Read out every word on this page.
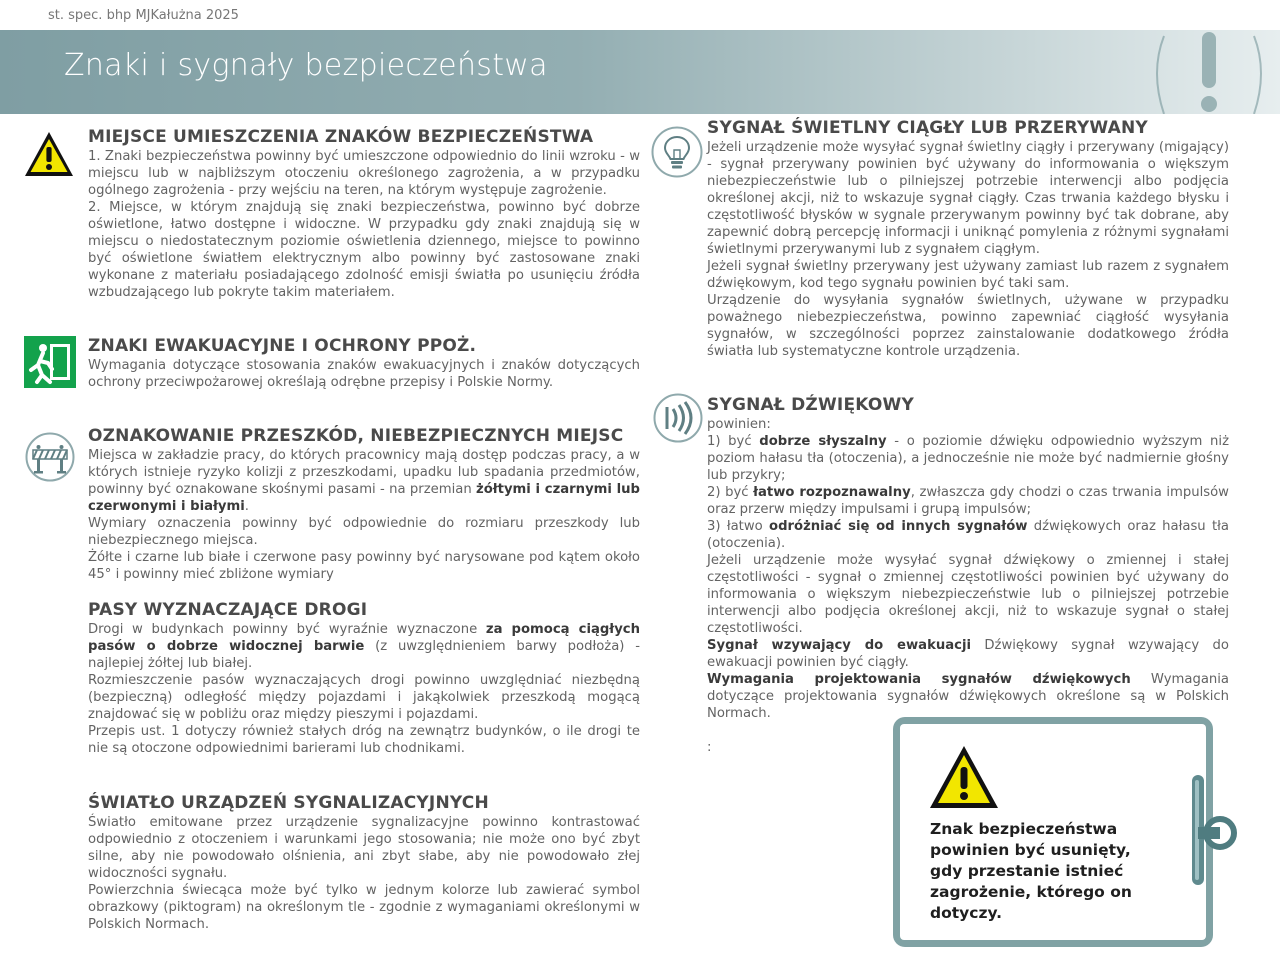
st. spec. bhp MJKałużna 2025
Znaki i sygnały bezpieczeństwa
MIEJSCE UMIESZCZENIA ZNAKÓW BEZPIECZEŃSTWA

1. Znaki bezpieczeństwa powinny być umieszczone odpowiednio do linii wzroku - w miejscu lub w najbliższym otoczeniu określonego zagrożenia, a w przypadku ogólnego zagrożenia - przy wejściu na teren, na którym występuje zagrożenie.

2. Miejsce, w którym znajdują się znaki bezpieczeństwa, powinno być dobrze oświetlone, łatwo dostępne i widoczne. W przypadku gdy znaki znajdują się w miejscu o niedostatecznym poziomie oświetlenia dziennego, miejsce to powinno być oświetlone światłem elektrycznym albo powinny być zastosowane znaki wykonane z materiału posiadającego zdolność emisji światła po usunięciu źródła wzbudzającego lub pokryte takim materiałem.

ZNAKI EWAKUACYJNE I OCHRONY PPOŻ.

Wymagania dotyczące stosowania znaków ewakuacyjnych i znaków dotyczących ochrony przeciwpożarowej określają odrębne przepisy i Polskie Normy.

OZNAKOWANIE PRZESZKÓD, NIEBEZPIECZNYCH MIEJSC

Miejsca w zakładzie pracy, do których pracownicy mają dostęp podczas pracy, a w których istnieje ryzyko kolizji z przeszkodami, upadku lub spadania przedmiotów, powinny być oznakowane skośnymi pasami - na przemian żółtymi i czarnymi lub czerwonymi i białymi.

Wymiary oznaczenia powinny być odpowiednie do rozmiaru przeszkody lub niebezpiecznego miejsca.

Żółte i czarne lub białe i czerwone pasy powinny być narysowane pod kątem około 45° i powinny mieć zbliżone wymiary

PASY WYZNACZAJĄCE DROGI

Drogi w budynkach powinny być wyraźnie wyznaczone za pomocą ciągłych pasów o dobrze widocznej barwie (z uwzględnieniem barwy podłoża) - najlepiej żółtej lub białej.

Rozmieszczenie pasów wyznaczających drogi powinno uwzględniać niezbędną (bezpieczną) odległość między pojazdami i jakąkolwiek przeszkodą mogącą znajdować się w pobliżu oraz między pieszymi i pojazdami.

Przepis ust. 1 dotyczy również stałych dróg na zewnątrz budynków, o ile drogi te nie są otoczone odpowiednimi barierami lub chodnikami.

ŚWIATŁO URZĄDZEŃ SYGNALIZACYJNYCH

Światło emitowane przez urządzenie sygnalizacyjne powinno kontrastować odpowiednio z otoczeniem i warunkami jego stosowania; nie może ono być zbyt silne, aby nie powodowało olśnienia, ani zbyt słabe, aby nie powodowało złej widoczności sygnału.

Powierzchnia świecąca może być tylko w jednym kolorze lub zawierać symbol obrazkowy (piktogram) na określonym tle - zgodnie z wymaganiami określonymi w Polskich Normach.

SYGNAŁ ŚWIETLNY CIĄGŁY LUB PRZERYWANY

Jeżeli urządzenie może wysyłać sygnał świetlny ciągły i przerywany (migający) - sygnał przerywany powinien być używany do informowania o większym niebezpieczeństwie lub o pilniejszej potrzebie interwencji albo podjęcia określonej akcji, niż to wskazuje sygnał ciągły. Czas trwania każdego błysku i częstotliwość błysków w sygnale przerywanym powinny być tak dobrane, aby zapewnić dobrą percepcję informacji i uniknąć pomylenia z różnymi sygnałami świetlnymi przerywanymi lub z sygnałem ciągłym.

Jeżeli sygnał świetlny przerywany jest używany zamiast lub razem z sygnałem dźwiękowym, kod tego sygnału powinien być taki sam.

Urządzenie do wysyłania sygnałów świetlnych, używane w przypadku poważnego niebezpieczeństwa, powinno zapewniać ciągłość wysyłania sygnałów, w szczególności poprzez zainstalowanie dodatkowego źródła światła lub systematyczne kontrole urządzenia.

SYGNAŁ DŹWIĘKOWY

powinien:

1) być dobrze słyszalny - o poziomie dźwięku odpowiednio wyższym niż poziom hałasu tła (otoczenia), a jednocześnie nie może być nadmiernie głośny lub przykry;

2) być łatwo rozpoznawalny, zwłaszcza gdy chodzi o czas trwania impulsów oraz przerw między impulsami i grupą impulsów;

3) łatwo odróżniać się od innych sygnałów dźwiękowych oraz hałasu tła (otoczenia).

Jeżeli urządzenie może wysyłać sygnał dźwiękowy o zmiennej i stałej częstotliwości - sygnał o zmiennej częstotliwości powinien być używany do informowania o większym niebezpieczeństwie lub o pilniejszej potrzebie interwencji albo podjęcia określonej akcji, niż to wskazuje sygnał o stałej częstotliwości.

Sygnał wzywający do ewakuacji Dźwiękowy sygnał wzywający do ewakuacji powinien być ciągły.

Wymagania projektowania sygnałów dźwiękowych Wymagania dotyczące projektowania sygnałów dźwiękowych określone są w Polskich Normach.

:

Znak bezpieczeństwa powinien być usunięty, gdy przestanie istnieć zagrożenie, którego on dotyczy.
